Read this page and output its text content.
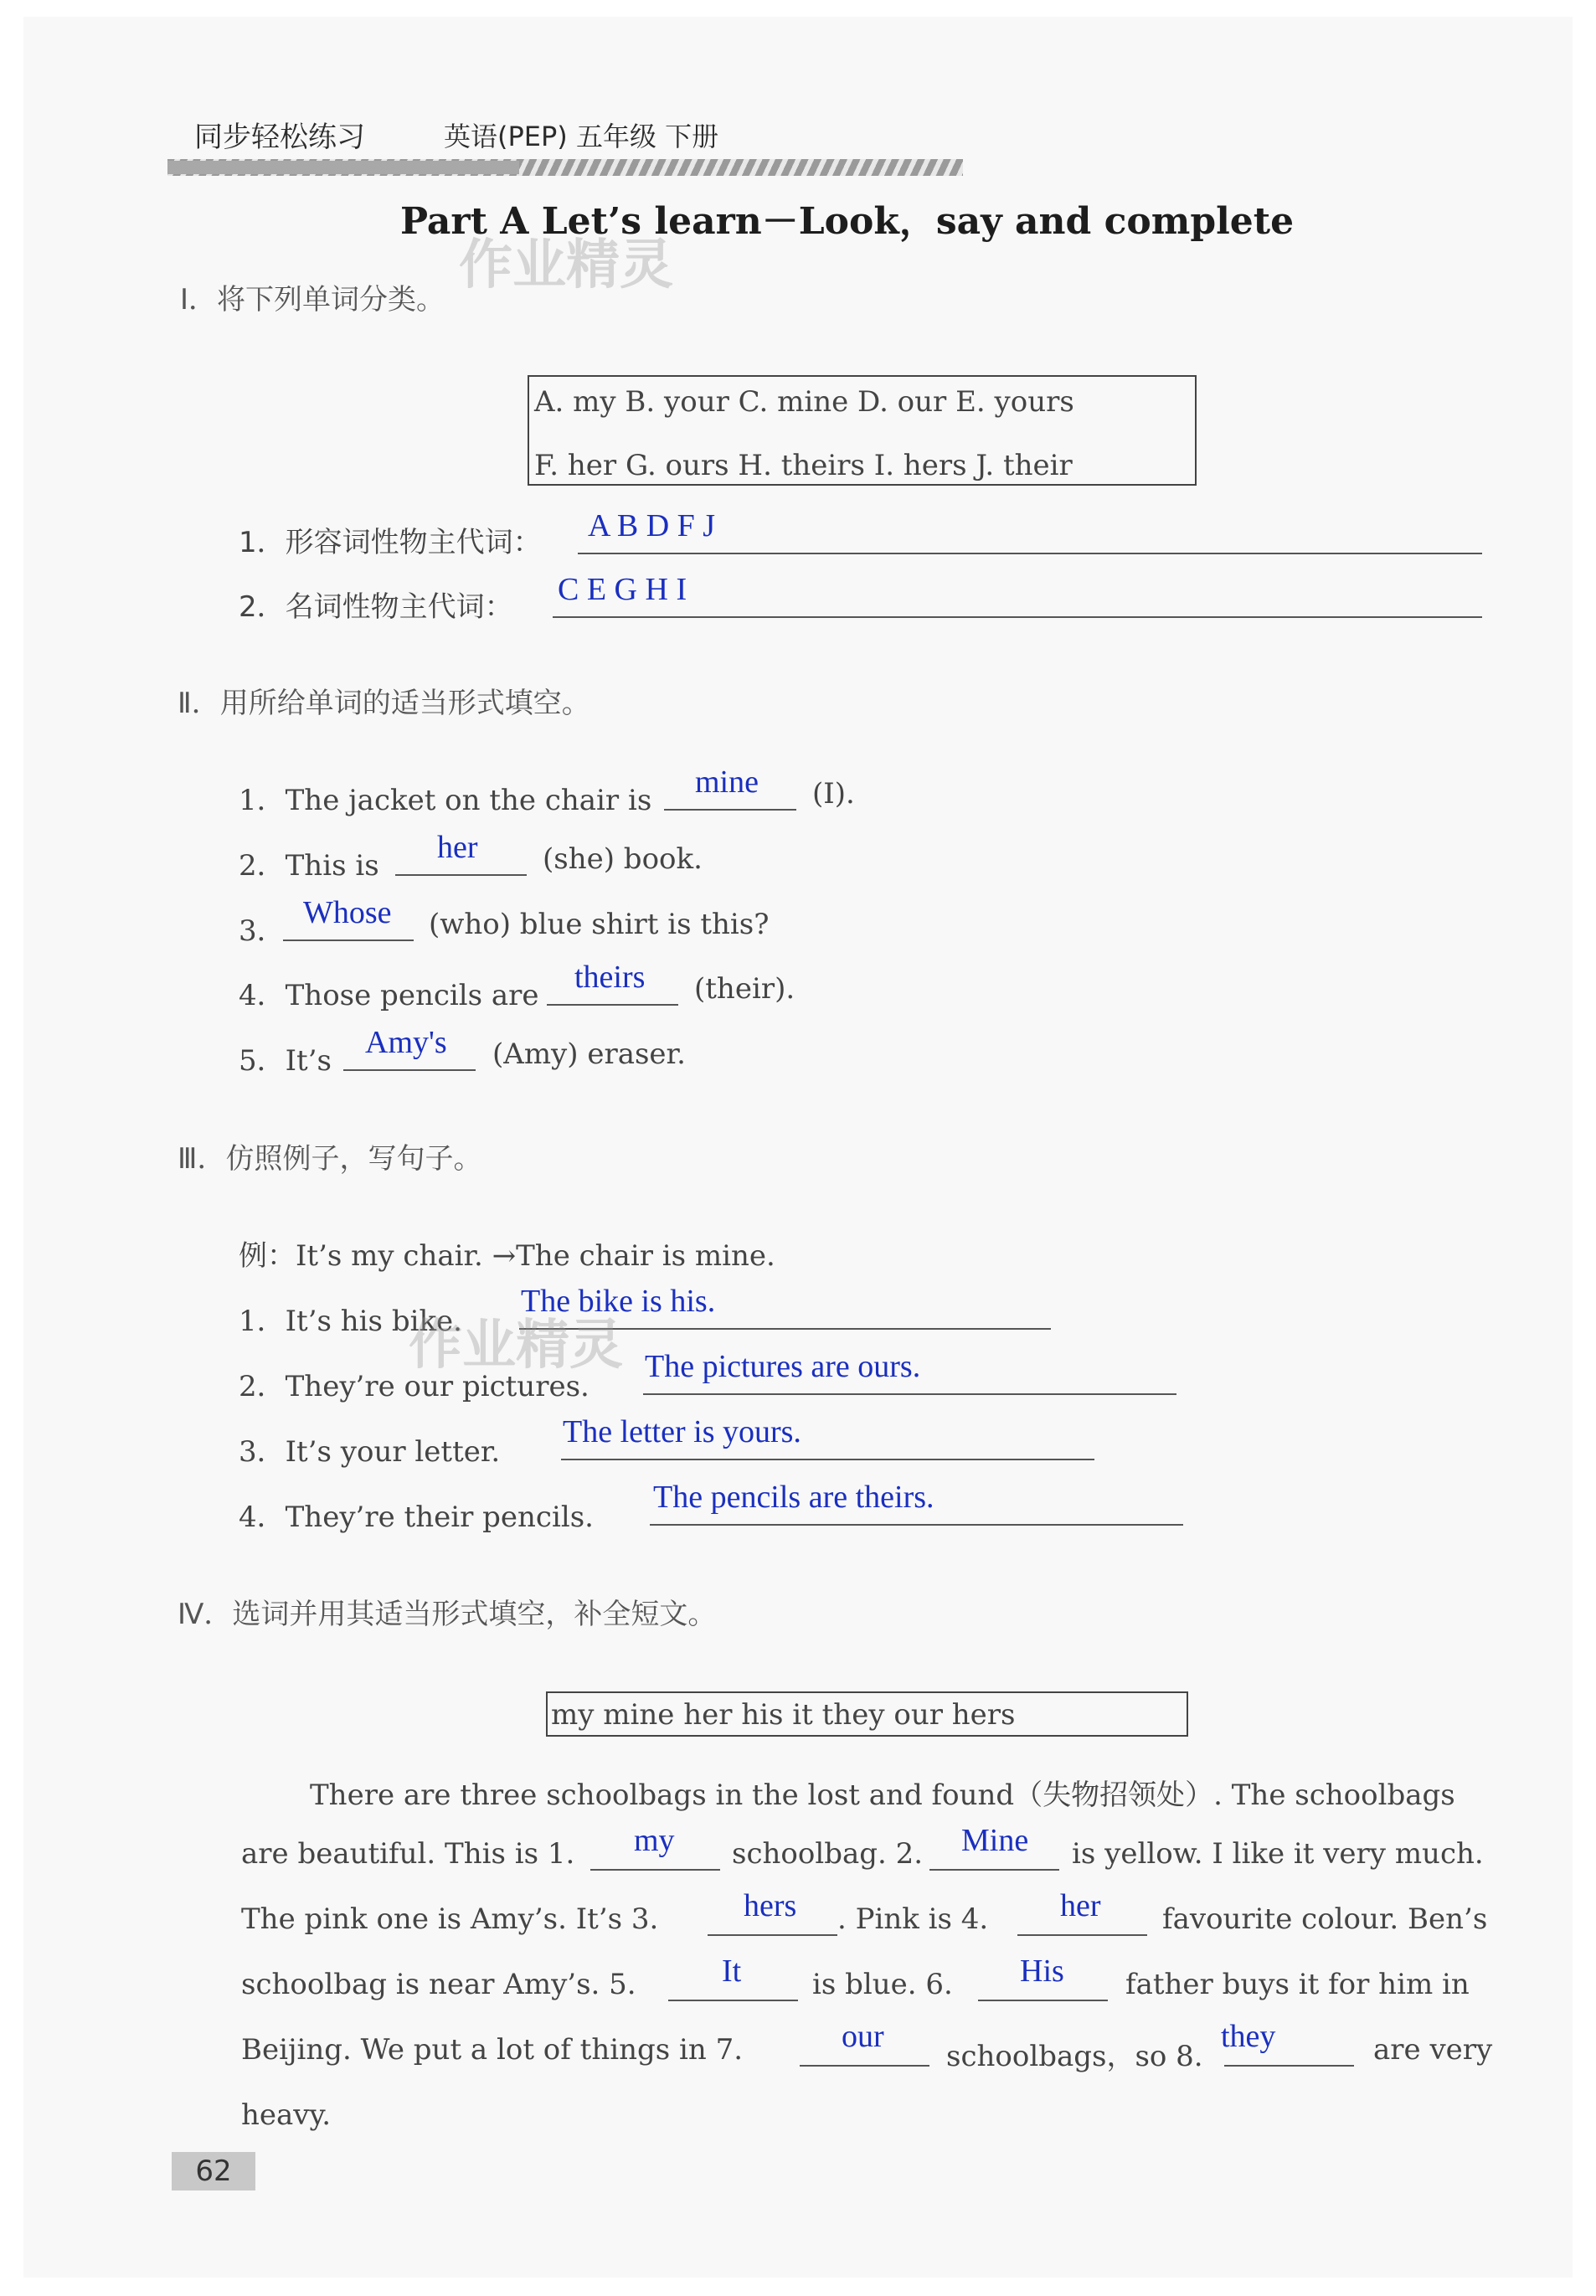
同步轻松练习	英语(PEP) 五年级 下册
Part A Let’s learn－Look，say and complete
作业精灵
Ⅰ．将下列单词分类。
A. my B. your C. mine D. our E. yours
F. her G. ours H. theirs I. hers J. their
1．形容词性物主代词： A B D F J
2．名词性物主代词： C E G H I
Ⅱ．用所给单词的适当形式填空。
1．The jacket on the chair is
mine (I).
2．This is
her (she) book.
3．
Whose (who) blue shirt is this?
4．Those pencils are
theirs (their).
5．It’s
Amy's (Amy) eraser.
Ⅲ．仿照例子，写句子。
例：It’s my chair. →The chair is mine.
1．It’s his bike.
The bike is his.
2．They’re our pictures.
The pictures are ours.
3．It’s your letter.
The letter is yours.
4．They’re their pencils.
The pencils are theirs.
作业精灵
Ⅳ．选词并用其适当形式填空，补全短文。
my mine her his it they our hers
There are three schoolbags in the lost and found（失物招领处）. The schoolbags
are beautiful. This is 1. my schoolbag. 2. Mine is yellow. I like it very much.
The pink one is Amy’s. It’s 3.	hers . Pink is 4. her favourite colour. Ben’s
schoolbag is near Amy’s. 5.	It is blue. 6. His father buys it for him in
Beijing. We put a lot of things in 7.	our
schoolbags，so 8.
they	are very
heavy.
62
